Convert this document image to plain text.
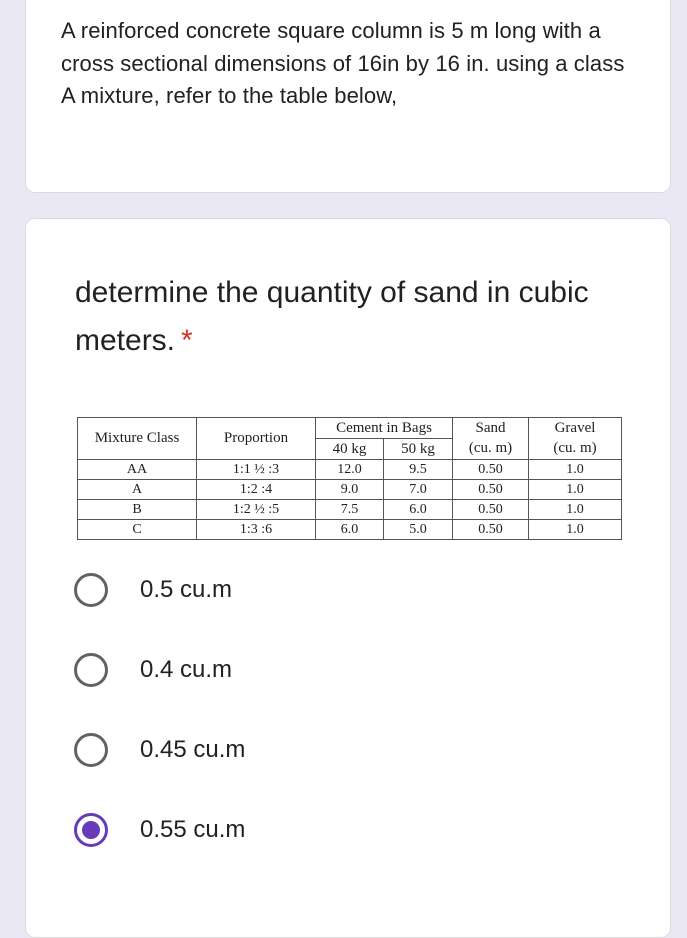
A reinforced concrete square column is 5 m long with a cross sectional dimensions of 16in by 16 in. using a class A mixture, refer to the table below,
determine the quantity of sand in cubic meters. *
Mixture Class	Proportion	Cement in Bags		Sand	Gravel
		40 kg	50 kg	(cu. m)	(cu. m)
AA	1:1 ½ :3	12.0	9.5	0.50	1.0
A	1:2 :4	9.0	7.0	0.50	1.0
B	1:2 ½ :5	7.5	6.0	0.50	1.0
C	1:3 :6	6.0	5.0	0.50	1.0
0.5 cu.m
0.4 cu.m
0.45 cu.m
0.55 cu.m
